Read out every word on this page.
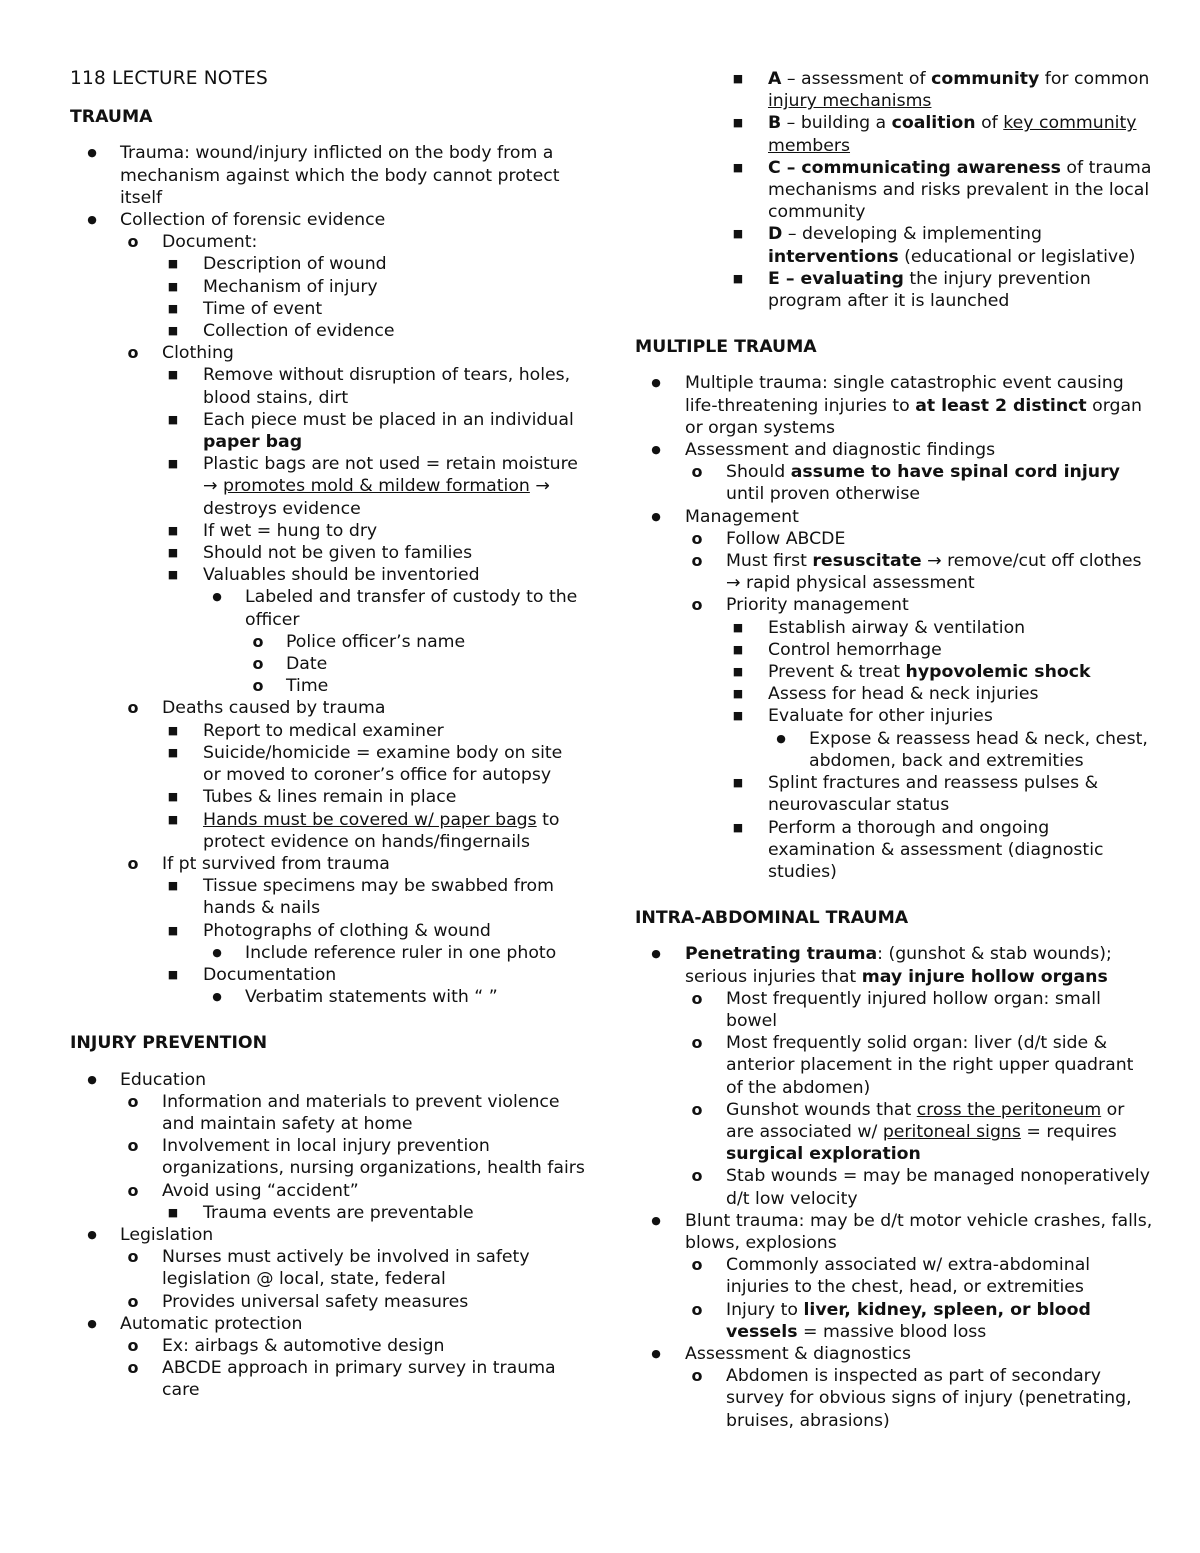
118 LECTURE NOTES
TRAUMA
● Trauma: wound/injury inflicted on the body from a mechanism against which the body cannot protect itself
● Collection of forensic evidence
o Document:
■ Description of wound
■ Mechanism of injury
■ Time of event
■ Collection of evidence
o Clothing
■ Remove without disruption of tears, holes, blood stains, dirt
■ Each piece must be placed in an individual paper bag
■ Plastic bags are not used = retain moisture → promotes mold & mildew formation → destroys evidence
■ If wet = hung to dry
■ Should not be given to families
■ Valuables should be inventoried
● Labeled and transfer of custody to the officer
o Police officer’s name
o Date
o Time
o Deaths caused by trauma
■ Report to medical examiner
■ Suicide/homicide = examine body on site or moved to coroner’s office for autopsy
■ Tubes & lines remain in place
■ Hands must be covered w/ paper bags to protect evidence on hands/fingernails
o If pt survived from trauma
■ Tissue specimens may be swabbed from hands & nails
■ Photographs of clothing & wound
● Include reference ruler in one photo
■ Documentation
● Verbatim statements with “ ”
INJURY PREVENTION
● Education
o Information and materials to prevent violence and maintain safety at home
o Involvement in local injury prevention organizations, nursing organizations, health fairs
o Avoid using “accident”
■ Trauma events are preventable
● Legislation
o Nurses must actively be involved in safety legislation @ local, state, federal
o Provides universal safety measures
● Automatic protection
o Ex: airbags & automotive design
o ABCDE approach in primary survey in trauma care
■ A – assessment of community for common injury mechanisms
■ B – building a coalition of key community members
■ C – communicating awareness of trauma mechanisms and risks prevalent in the local community
■ D – developing & implementing interventions (educational or legislative)
■ E – evaluating the injury prevention program after it is launched
MULTIPLE TRAUMA
● Multiple trauma: single catastrophic event causing life-threatening injuries to at least 2 distinct organ or organ systems
● Assessment and diagnostic findings
o Should assume to have spinal cord injury until proven otherwise
● Management
o Follow ABCDE
o Must first resuscitate → remove/cut off clothes → rapid physical assessment
o Priority management
■ Establish airway & ventilation
■ Control hemorrhage
■ Prevent & treat hypovolemic shock
■ Assess for head & neck injuries
■ Evaluate for other injuries
● Expose & reassess head & neck, chest, abdomen, back and extremities
■ Splint fractures and reassess pulses & neurovascular status
■ Perform a thorough and ongoing examination & assessment (diagnostic studies)
INTRA-ABDOMINAL TRAUMA
● Penetrating trauma: (gunshot & stab wounds); serious injuries that may injure hollow organs
o Most frequently injured hollow organ: small bowel
o Most frequently solid organ: liver (d/t side & anterior placement in the right upper quadrant of the abdomen)
o Gunshot wounds that cross the peritoneum or are associated w/ peritoneal signs = requires surgical exploration
o Stab wounds = may be managed nonoperatively d/t low velocity
● Blunt trauma: may be d/t motor vehicle crashes, falls, blows, explosions
o Commonly associated w/ extra-abdominal injuries to the chest, head, or extremities
o Injury to liver, kidney, spleen, or blood vessels = massive blood loss
● Assessment & diagnostics
o Abdomen is inspected as part of secondary survey for obvious signs of injury (penetrating, bruises, abrasions)
